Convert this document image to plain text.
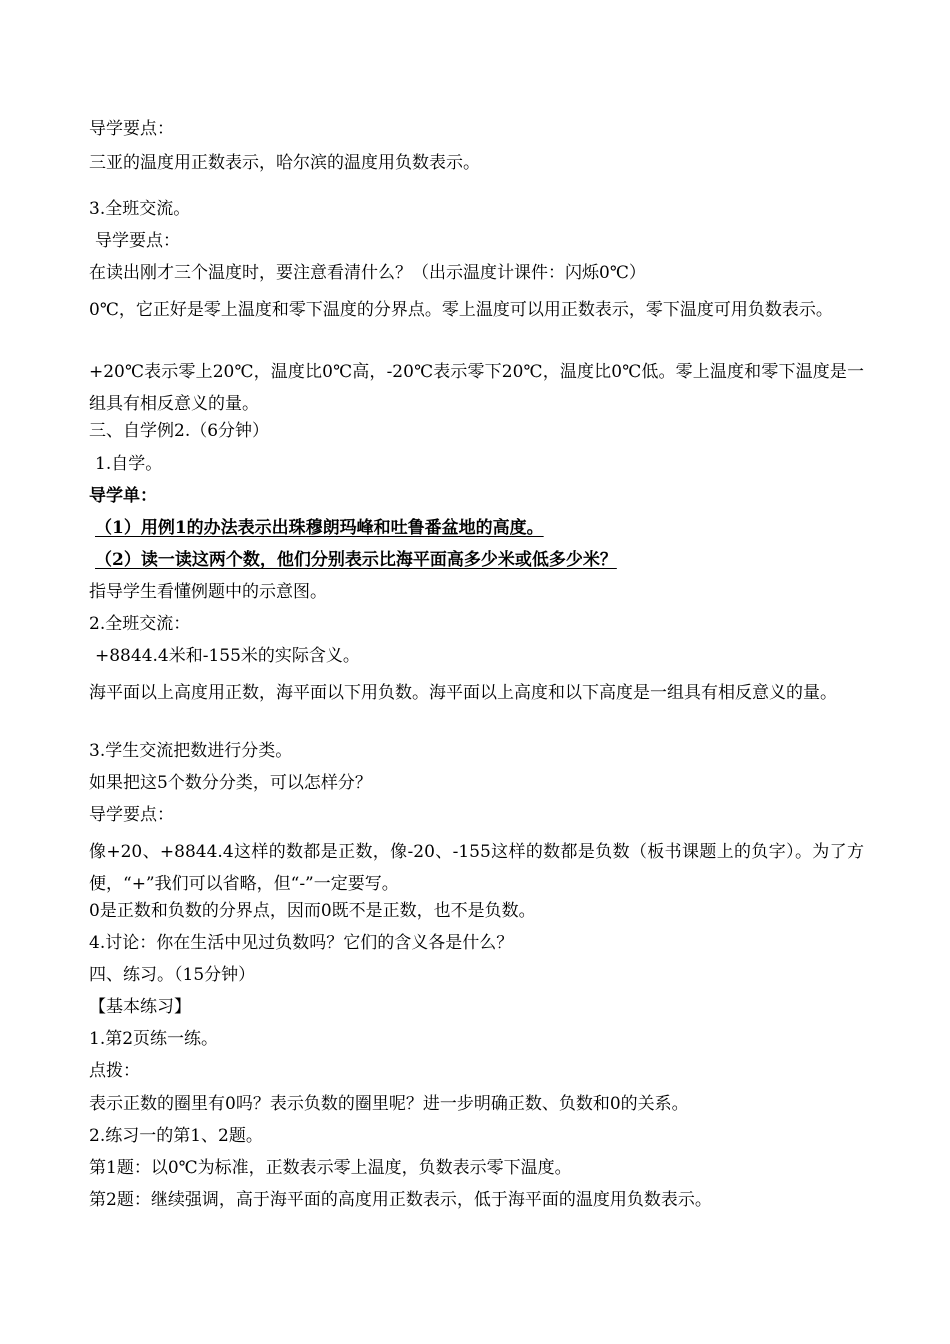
导学要点：
三亚的温度用正数表示，哈尔滨的温度用负数表示。
3.全班交流。
导学要点：
在读出刚才三个温度时，要注意看清什么？（出示温度计课件：闪烁0℃）
0℃，它正好是零上温度和零下温度的分界点。零上温度可以用正数表示，零下温度可用负数表示。
+20℃表示零上20℃，温度比0℃高，-20℃表示零下20℃，温度比0℃低。零上温度和零下温度是一组具有相反意义的量。
三、自学例2.（6分钟）
1.自学。
导学单：
（1）用例1的办法表示出珠穆朗玛峰和吐鲁番盆地的高度。
（2）读一读这两个数，他们分别表示比海平面高多少米或低多少米？
指导学生看懂例题中的示意图。
2.全班交流：
+8844.4米和-155米的实际含义。
海平面以上高度用正数，海平面以下用负数。海平面以上高度和以下高度是一组具有相反意义的量。
3.学生交流把数进行分类。
如果把这5个数分分类，可以怎样分？
导学要点：
像+20、+8844.4这样的数都是正数，像-20、-155这样的数都是负数（板书课题上的负字）。为了方便，“+”我们可以省略，但“-”一定要写。
0是正数和负数的分界点，因而0既不是正数，也不是负数。
4.讨论：你在生活中见过负数吗？它们的含义各是什么？
四、练习。（15分钟）
【基本练习】
1.第2页练一练。
点拨：
表示正数的圈里有0吗？表示负数的圈里呢？进一步明确正数、负数和0的关系。
2.练习一的第1、2题。
第1题：以0℃为标准，正数表示零上温度，负数表示零下温度。
第2题：继续强调，高于海平面的高度用正数表示，低于海平面的温度用负数表示。
